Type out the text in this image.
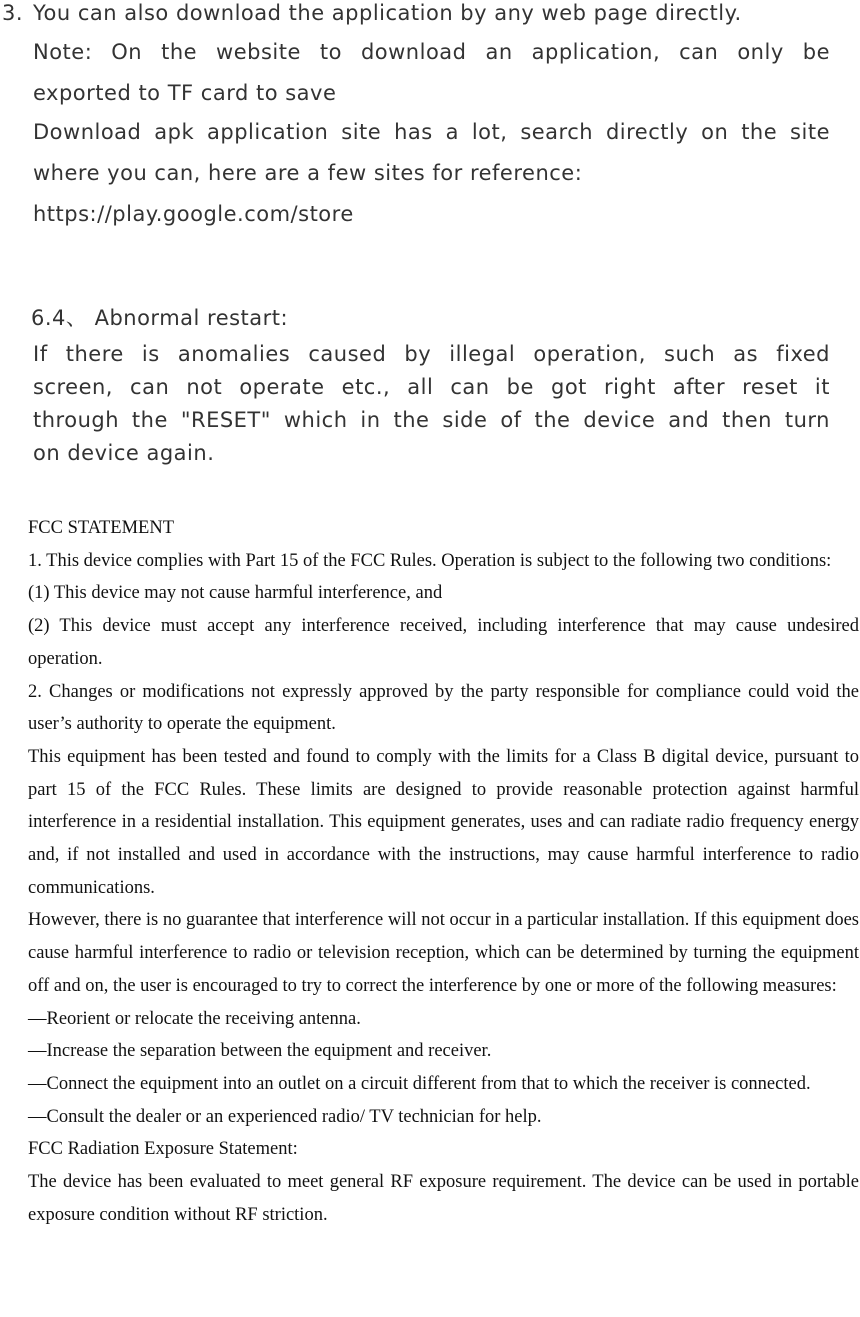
3. You can also download the application by any web page directly.
Note: On the website to download an application, can only be
exported to TF card to save
Download apk application site has a lot, search directly on the site
where you can, here are a few sites for reference:
https://play.google.com/store
6.4、 Abnormal restart:
If there is anomalies caused by illegal operation, such as fixed
screen, can not operate etc., all can be got right after reset it
through the "RESET" which in the side of the device and then turn
on device again.

FCC STATEMENT

1. This device complies with Part 15 of the FCC Rules. Operation is subject to the following two conditions:

(1) This device may not cause harmful interference, and

(2) This device must accept any interference received, including interference that may cause undesired operation.

2. Changes or modifications not expressly approved by the party responsible for compliance could void the user’s authority to operate the equipment.

This equipment has been tested and found to comply with the limits for a Class B digital device, pursuant to part 15 of the FCC Rules. These limits are designed to provide reasonable protection against harmful interference in a residential installation. This equipment generates, uses and can radiate radio frequency energy and, if not installed and used in accordance with the instructions, may cause harmful interference to radio communications.

However, there is no guarantee that interference will not occur in a particular installation. If this equipment does cause harmful interference to radio or television reception, which can be determined by turning the equipment off and on, the user is encouraged to try to correct the interference by one or more of the following measures:

—Reorient or relocate the receiving antenna.

—Increase the separation between the equipment and receiver.

—Connect the equipment into an outlet on a circuit different from that to which the receiver is connected.

—Consult the dealer or an experienced radio/ TV technician for help.

FCC Radiation Exposure Statement:

The device has been evaluated to meet general RF exposure requirement. The device can be used in portable exposure condition without RF striction.
